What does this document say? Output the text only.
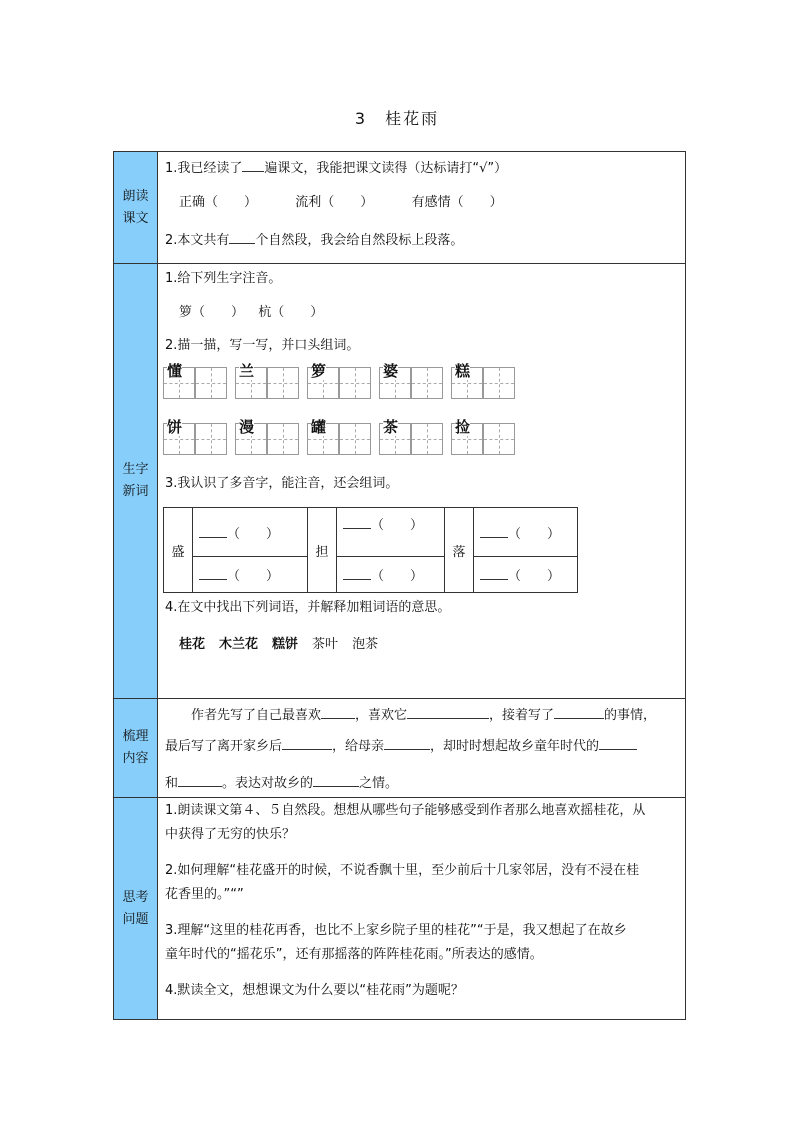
3　桂花雨
朗读
课文
1.我已经读了 遍课文，我能把课文读得（达标请打“√”）
正确（　　）	流利（　　）	有感情（　　）
2.本文共有 个自然段，我会给自然段标上段落。
生字
新词
1.给下列生字注音。
箩（　　） 杭（　　）
2.描一描，写一写，并口头组词。
懂	兰	箩	婆	糕
饼	漫	罐	茶	捡
3.我认识了多音字，能注音，还会组词。
盛	（　　）	担	（　　）	落	（　　）
	（　　）		（　　）		（　　）
4.在文中找出下列词语，并解释加粗词语的意思。
桂花 木兰花 糕饼 茶叶 泡茶
梳理
内容
作者先写了自己最喜欢	，喜欢它	，接着写了	的事情，
最后写了离开家乡后	，给母亲	，却时时想起故乡童年时代的
和	。表达对故乡的	之情。
思考
问题
1.朗读课文第４、５自然段。想想从哪些句子能够感受到作者那么地喜欢摇桂花，从
中获得了无穷的快乐？
2.如何理解“桂花盛开的时候，不说香飘十里，至少前后十几家邻居，没有不浸在桂
花香里的。”“”
3.理解“这里的桂花再香，也比不上家乡院子里的桂花”“于是，我又想起了在故乡
童年时代的“摇花乐”，还有那摇落的阵阵桂花雨。”所表达的感情。
4.默读全文，想想课文为什么要以“桂花雨”为题呢？
